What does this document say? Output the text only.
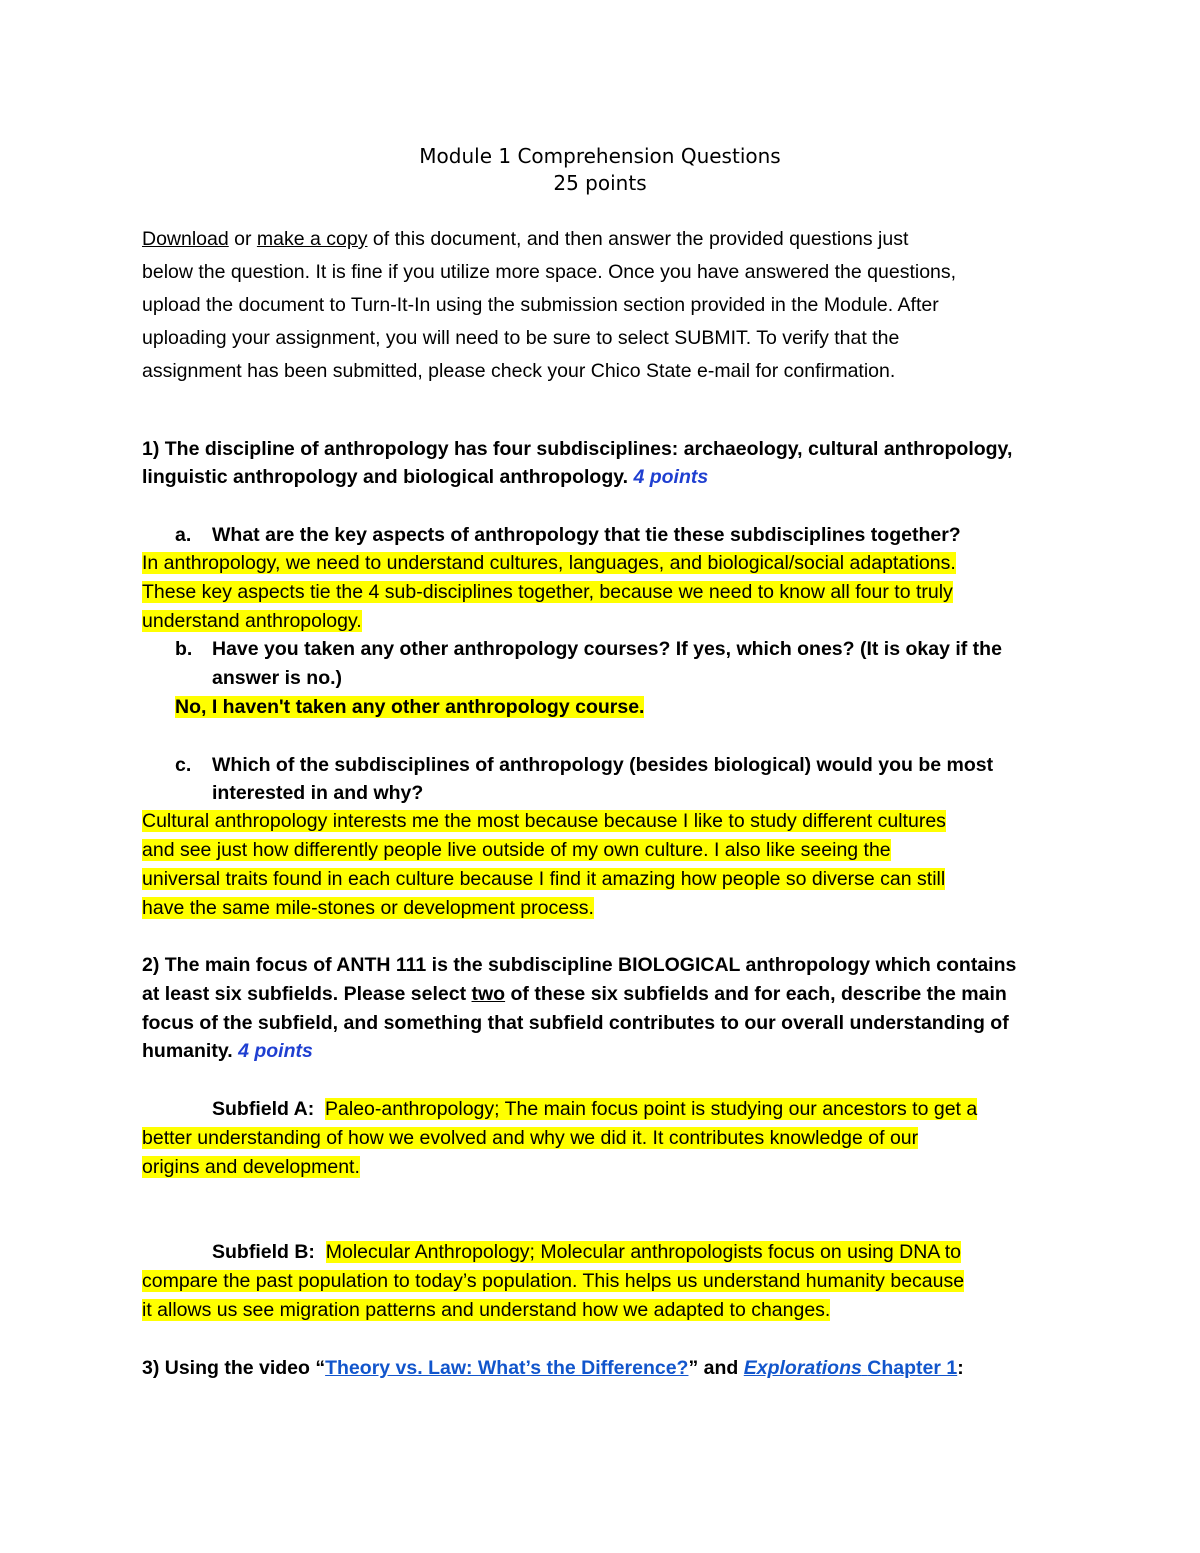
Module 1 Comprehension Questions
25 points
Download or make a copy of this document, and then answer the provided questions just
below the question. It is fine if you utilize more space. Once you have answered the questions,
upload the document to Turn-It-In using the submission section provided in the Module. After
uploading your assignment, you will need to be sure to select SUBMIT. To verify that the
assignment has been submitted, please check your Chico State e-mail for confirmation.
1) The discipline of anthropology has four subdisciplines: archaeology, cultural anthropology,
linguistic anthropology and biological anthropology. 4 points
a. What are the key aspects of anthropology that tie these subdisciplines together?
In anthropology, we need to understand cultures, languages, and biological/social adaptations.
These key aspects tie the 4 sub-disciplines together, because we need to know all four to truly
understand anthropology.
b. Have you taken any other anthropology courses? If yes, which ones? (It is okay if the
answer is no.)
No, I haven't taken any other anthropology course.
c. Which of the subdisciplines of anthropology (besides biological) would you be most
interested in and why?
Cultural anthropology interests me the most because because I like to study different cultures
and see just how differently people live outside of my own culture. I also like seeing the
universal traits found in each culture because I find it amazing how people so diverse can still
have the same mile-stones or development process.
2) The main focus of ANTH 111 is the subdiscipline BIOLOGICAL anthropology which contains
at least six subfields. Please select two of these six subfields and for each, describe the main
focus of the subfield, and something that subfield contributes to our overall understanding of
humanity. 4 points
Subfield A: Paleo-anthropology; The main focus point is studying our ancestors to get a
better understanding of how we evolved and why we did it. It contributes knowledge of our
origins and development.
Subfield B: Molecular Anthropology; Molecular anthropologists focus on using DNA to
compare the past population to today’s population. This helps us understand humanity because
it allows us see migration patterns and understand how we adapted to changes.
3) Using the video “Theory vs. Law: What’s the Difference?” and Explorations Chapter 1:
